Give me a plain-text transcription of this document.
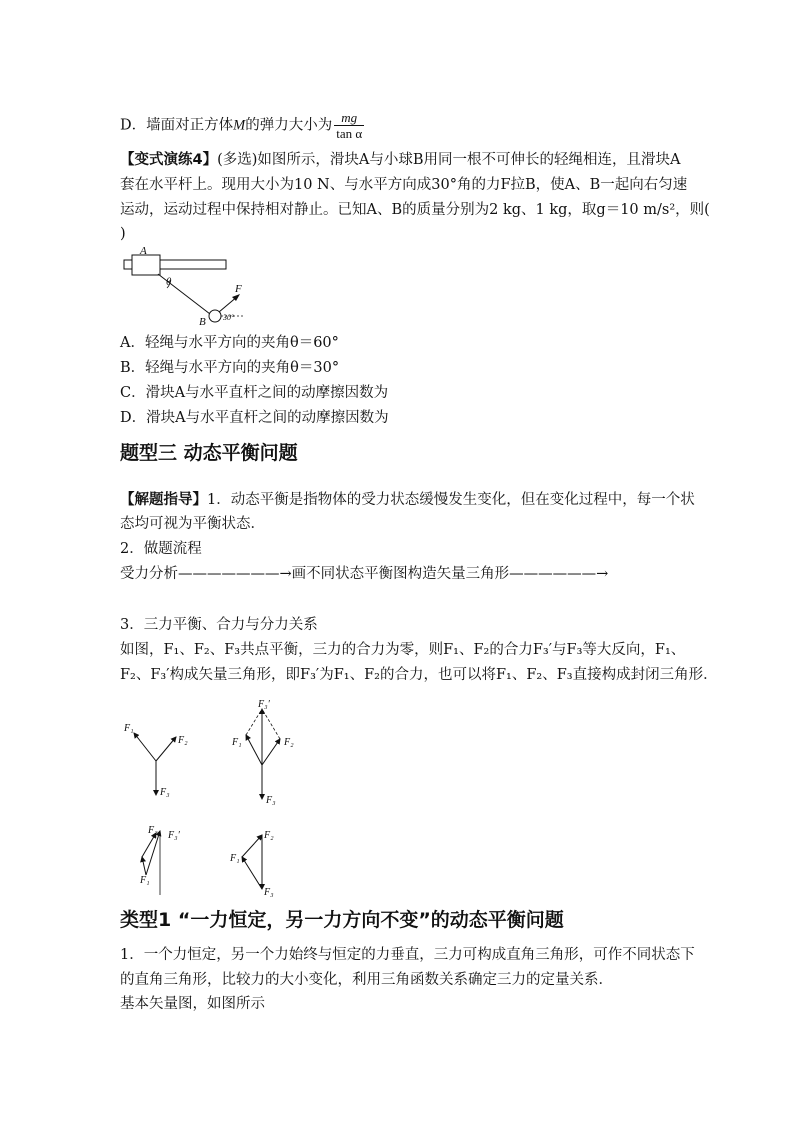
D．墙面对正方体M的弹力大小为 $\frac{mg}{\text{tan α}}$
【变式演练4】(多选)如图所示，滑块A与小球B用同一根不可伸长的轻绳相连，且滑块A
套在水平杆上。现用大小为10 N、与水平方向成30°角的力F拉B，使A、B一起向右匀速
运动，运动过程中保持相对静止。已知A、B的质量分别为2 kg、1 kg，取g＝10 m/s²，则(
)
A
θ
F
B 30°
A．轻绳与水平方向的夹角θ＝60°
B．轻绳与水平方向的夹角θ＝30°
C．滑块A与水平直杆之间的动摩擦因数为
D．滑块A与水平直杆之间的动摩擦因数为
题型三 动态平衡问题
【解题指导】1．动态平衡是指物体的受力状态缓慢发生变化，但在变化过程中，每一个状
态均可视为平衡状态．
2．做题流程
受力分析———————→画不同状态平衡图构造矢量三角形——————→
3．三力平衡、合力与分力关系
如图，F₁、F₂、F₃共点平衡，三力的合力为零，则F₁、F₂的合力F₃′与F₃等大反向，F₁、
F₂、F₃′构成矢量三角形，即F₃′为F₁、F₂的合力，也可以将F₁、F₂、F₃直接构成封闭三角形．
F₁
F₂
F₃
F₃′
F₁	F₂
F₃
F₂ F₃′
F₁
F₂
F₁
F₃
类型1 “一力恒定，另一力方向不变”的动态平衡问题
1．一个力恒定，另一个力始终与恒定的力垂直，三力可构成直角三角形，可作不同状态下
的直角三角形，比较力的大小变化，利用三角函数关系确定三力的定量关系．
基本矢量图，如图所示
